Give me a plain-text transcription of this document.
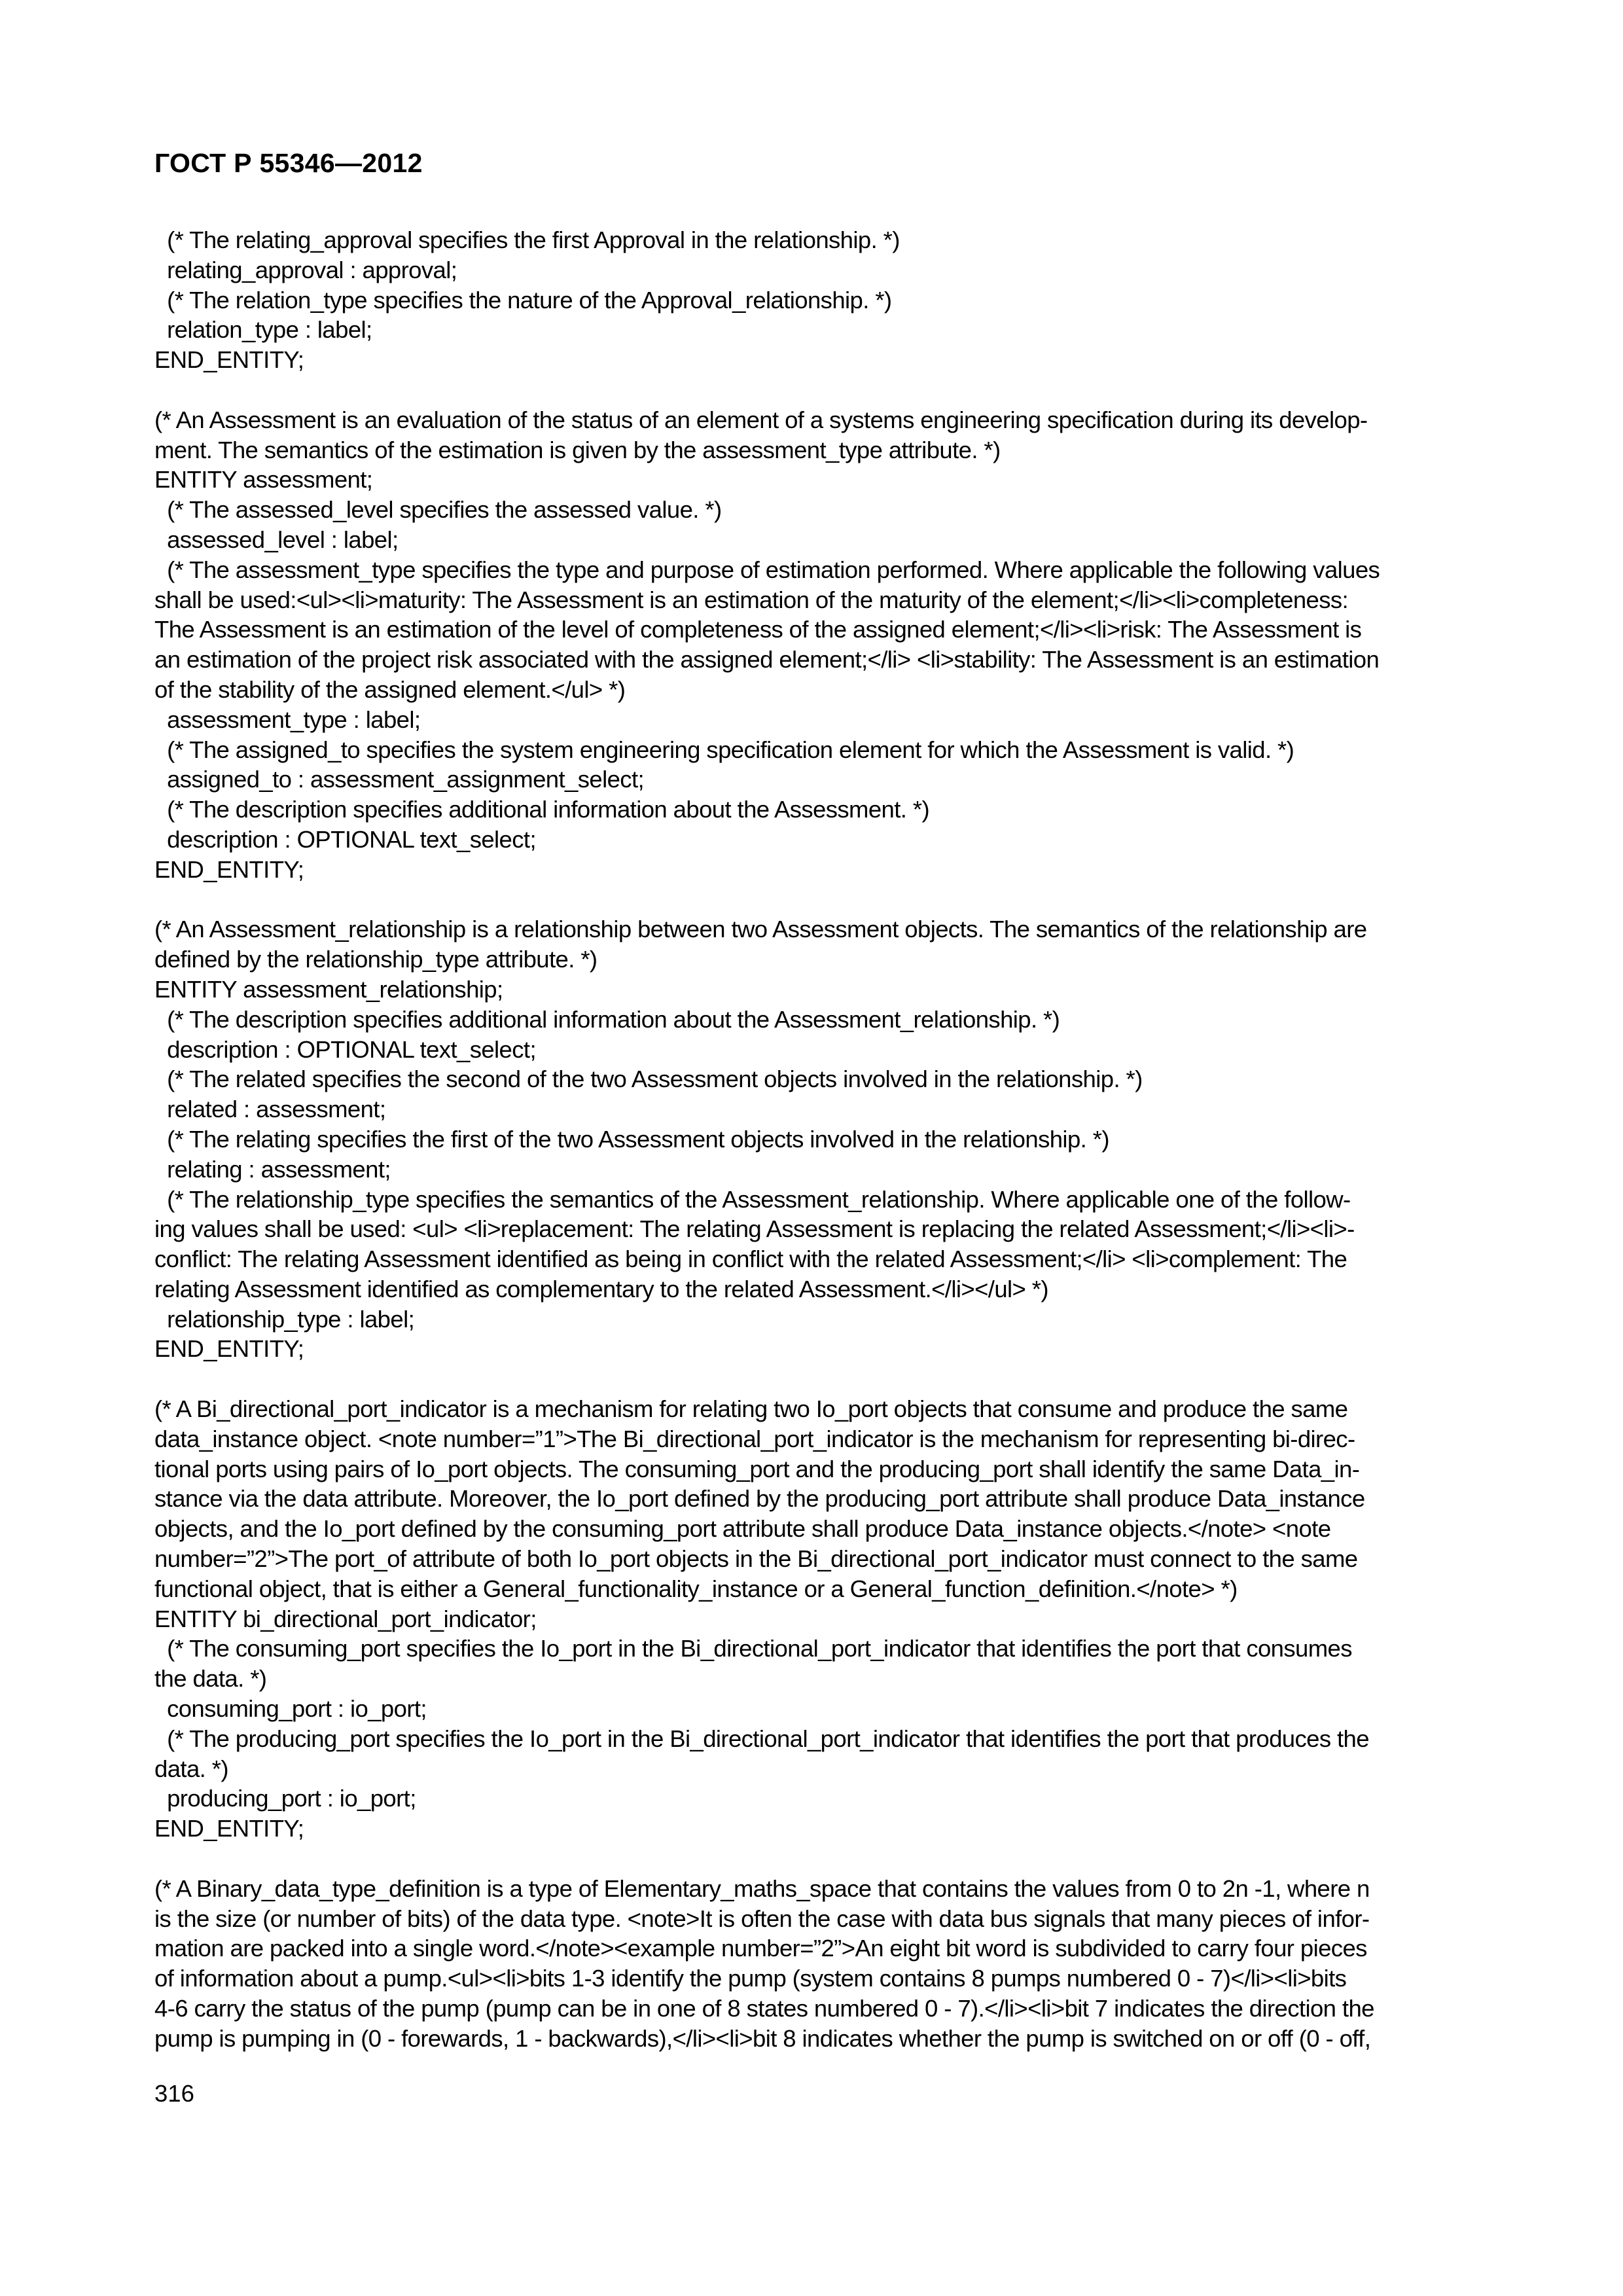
ГОСТ Р 55346—2012
(* The relating_approval specifies the first Approval in the relationship. *)
relating_approval : approval;
(* The relation_type specifies the nature of the Approval_relationship. *)
relation_type : label;
END_ENTITY;
(* An Assessment is an evaluation of the status of an element of a systems engineering specification during its develop-
ment. The semantics of the estimation is given by the assessment_type attribute. *)
ENTITY assessment;
(* The assessed_level specifies the assessed value. *)
assessed_level : label;
(* The assessment_type specifies the type and purpose of estimation performed. Where applicable the following values
shall be used:<ul><li>maturity: The Assessment is an estimation of the maturity of the element;</li><li>completeness:
The Assessment is an estimation of the level of completeness of the assigned element;</li><li>risk: The Assessment is
an estimation of the project risk associated with the assigned element;</li> <li>stability: The Assessment is an estimation
of the stability of the assigned element.</ul> *)
assessment_type : label;
(* The assigned_to specifies the system engineering specification element for which the Assessment is valid. *)
assigned_to : assessment_assignment_select;
(* The description specifies additional information about the Assessment. *)
description : OPTIONAL text_select;
END_ENTITY;
(* An Assessment_relationship is a relationship between two Assessment objects. The semantics of the relationship are
defined by the relationship_type attribute. *)
ENTITY assessment_relationship;
(* The description specifies additional information about the Assessment_relationship. *)
description : OPTIONAL text_select;
(* The related specifies the second of the two Assessment objects involved in the relationship. *)
related : assessment;
(* The relating specifies the first of the two Assessment objects involved in the relationship. *)
relating : assessment;
(* The relationship_type specifies the semantics of the Assessment_relationship. Where applicable one of the follow-
ing values shall be used: <ul> <li>replacement: The relating Assessment is replacing the related Assessment;</li><li>-
conflict: The relating Assessment identified as being in conflict with the related Assessment;</li> <li>complement: The
relating Assessment identified as complementary to the related Assessment.</li></ul> *)
relationship_type : label;
END_ENTITY;
(* A Bi_directional_port_indicator is a mechanism for relating two Io_port objects that consume and produce the same
data_instance object. <note number=”1”>The Bi_directional_port_indicator is the mechanism for representing bi-direc-
tional ports using pairs of Io_port objects. The consuming_port and the producing_port shall identify the same Data_in-
stance via the data attribute. Moreover, the Io_port defined by the producing_port attribute shall produce Data_instance
objects, and the Io_port defined by the consuming_port attribute shall produce Data_instance objects.</note> <note
number=”2”>The port_of attribute of both Io_port objects in the Bi_directional_port_indicator must connect to the same
functional object, that is either a General_functionality_instance or a General_function_definition.</note> *)
ENTITY bi_directional_port_indicator;
(* The consuming_port specifies the Io_port in the Bi_directional_port_indicator that identifies the port that consumes
the data. *)
consuming_port : io_port;
(* The producing_port specifies the Io_port in the Bi_directional_port_indicator that identifies the port that produces the
data. *)
producing_port : io_port;
END_ENTITY;
(* A Binary_data_type_definition is a type of Elementary_maths_space that contains the values from 0 to 2n -1, where n
is the size (or number of bits) of the data type. <note>It is often the case with data bus signals that many pieces of infor-
mation are packed into a single word.</note><example number=”2”>An eight bit word is subdivided to carry four pieces
of information about a pump.<ul><li>bits 1-3 identify the pump (system contains 8 pumps numbered 0 - 7)</li><li>bits
4-6 carry the status of the pump (pump can be in one of 8 states numbered 0 - 7).</li><li>bit 7 indicates the direction the
pump is pumping in (0 - forewards, 1 - backwards),</li><li>bit 8 indicates whether the pump is switched on or off (0 - off,
316
